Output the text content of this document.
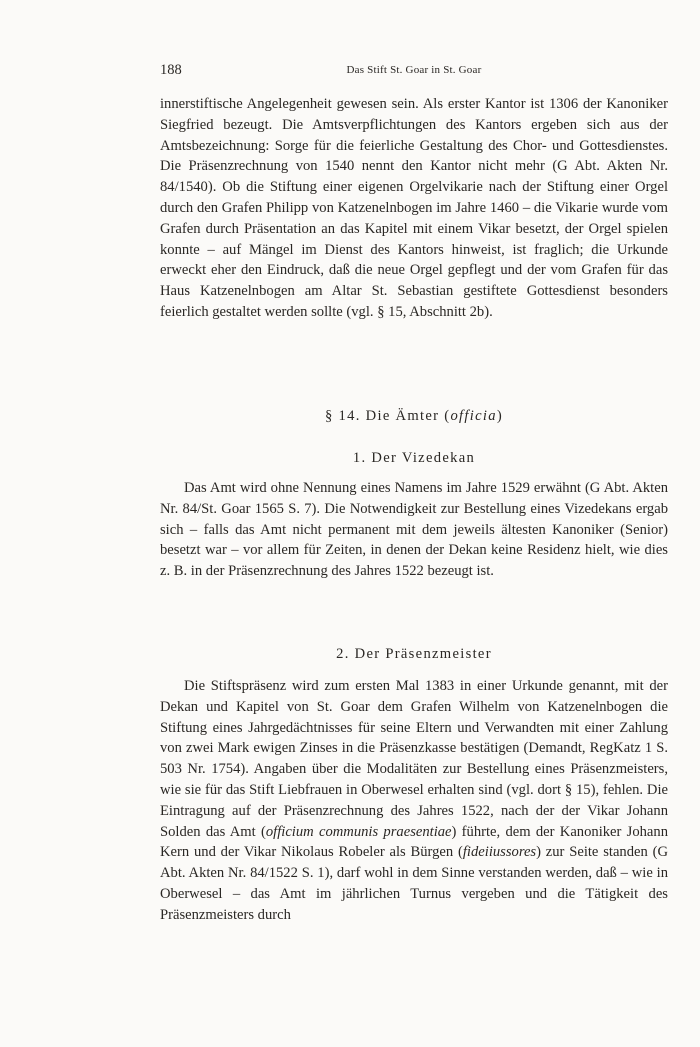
188	Das Stift St. Goar in St. Goar

innerstiftische Angelegenheit gewesen sein. Als erster Kantor ist 1306 der Kanoniker Siegfried bezeugt. Die Amtsverpflichtungen des Kantors ergeben sich aus der Amtsbezeichnung: Sorge für die feierliche Gestaltung des Chor- und Gottesdienstes. Die Präsenzrechnung von 1540 nennt den Kantor nicht mehr (G Abt. Akten Nr. 84/1540). Ob die Stiftung einer eigenen Orgelvikarie nach der Stiftung einer Orgel durch den Grafen Philipp von Katzenelnbogen im Jahre 1460 – die Vikarie wurde vom Grafen durch Präsentation an das Kapitel mit einem Vikar besetzt, der Orgel spielen konnte – auf Mängel im Dienst des Kantors hinweist, ist fraglich; die Urkunde erweckt eher den Eindruck, daß die neue Orgel gepflegt und der vom Grafen für das Haus Katzenelnbogen am Altar St. Sebastian gestiftete Gottesdienst besonders feierlich gestaltet werden sollte (vgl. § 15, Abschnitt 2b).

§ 14. Die Ämter (officia)
1. Der Vizedekan

Das Amt wird ohne Nennung eines Namens im Jahre 1529 erwähnt (G Abt. Akten Nr. 84/St. Goar 1565 S. 7). Die Notwendigkeit zur Bestellung eines Vizedekans ergab sich – falls das Amt nicht permanent mit dem jeweils ältesten Kanoniker (Senior) besetzt war – vor allem für Zeiten, in denen der Dekan keine Residenz hielt, wie dies z. B. in der Präsenzrechnung des Jahres 1522 bezeugt ist.

2. Der Präsenzmeister

Die Stiftspräsenz wird zum ersten Mal 1383 in einer Urkunde genannt, mit der Dekan und Kapitel von St. Goar dem Grafen Wilhelm von Katzenelnbogen die Stiftung eines Jahrgedächtnisses für seine Eltern und Verwandten mit einer Zahlung von zwei Mark ewigen Zinses in die Präsenzkasse bestätigen (Demandt, RegKatz 1 S. 503 Nr. 1754). Angaben über die Modalitäten zur Bestellung eines Präsenzmeisters, wie sie für das Stift Liebfrauen in Oberwesel erhalten sind (vgl. dort § 15), fehlen. Die Eintragung auf der Präsenzrechnung des Jahres 1522, nach der der Vikar Johann Solden das Amt (officium communis praesentiae) führte, dem der Kanoniker Johann Kern und der Vikar Nikolaus Robeler als Bürgen (fideiiussores) zur Seite standen (G Abt. Akten Nr. 84/1522 S. 1), darf wohl in dem Sinne verstanden werden, daß – wie in Oberwesel – das Amt im jährlichen Turnus vergeben und die Tätigkeit des Präsenzmeisters durch
